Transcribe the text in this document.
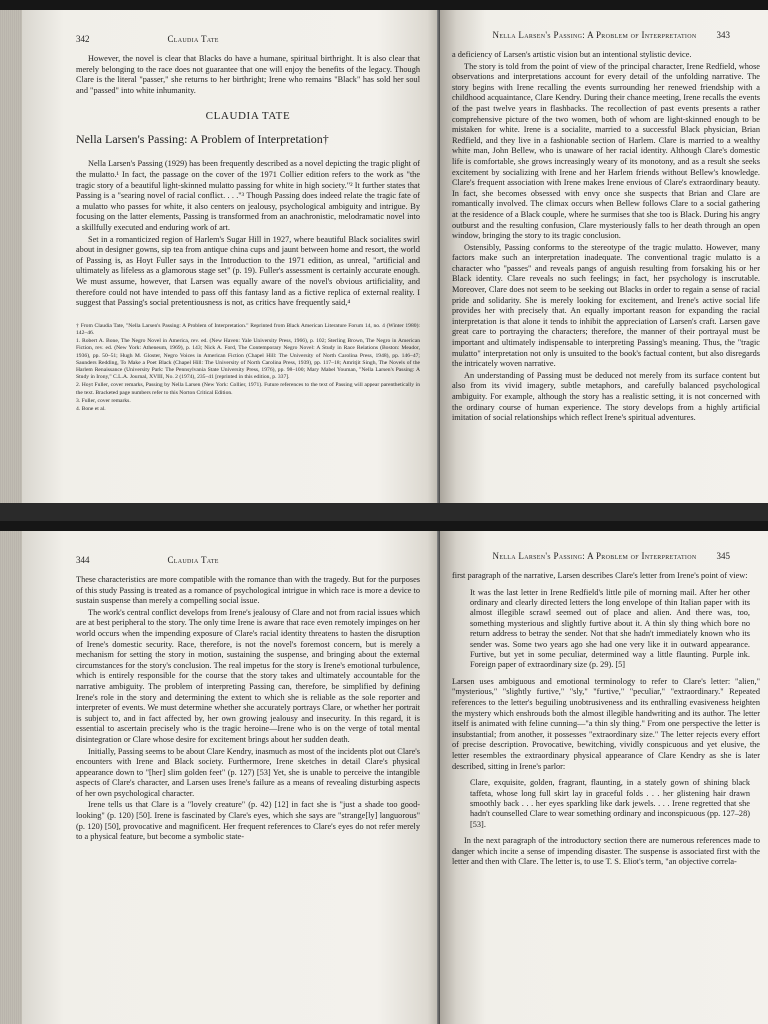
342	Claudia Tate

However, the novel is clear that Blacks do have a humane, spiritual birthright. It is also clear that merely belonging to the race does not guarantee that one will enjoy the benefits of the legacy. Though Clare is the literal "passer," she returns to her birthright; Irene who remains "Black" has sold her soul and "passed" into white inhumanity.

CLAUDIA TATE
Nella Larsen's Passing: A Problem of Interpretation†

Nella Larsen's Passing (1929) has been frequently described as a novel depicting the tragic plight of the mulatto.¹ In fact, the passage on the cover of the 1971 Collier edition refers to the work as "the tragic story of a beautiful light-skinned mulatto passing for white in high society."² It further states that Passing is a "searing novel of racial conflict. . . ."³ Though Passing does indeed relate the tragic fate of a mulatto who passes for white, it also centers on jealousy, psychological ambiguity and intrigue. By focusing on the latter elements, Passing is transformed from an anachronistic, melodramatic novel into a skillfully executed and enduring work of art.

Set in a romanticized region of Harlem's Sugar Hill in 1927, where beautiful Black socialites swirl about in designer gowns, sip tea from antique china cups and jaunt between home and resort, the world of Passing is, as Hoyt Fuller says in the Introduction to the 1971 edition, as unreal, "artificial and ultimately as lifeless as a glamorous stage set" (p. 19). Fuller's assessment is certainly accurate enough. We must assume, however, that Larsen was equally aware of the novel's obvious artificiality, and therefore could not have intended to pass off this fantasy land as a fictive replica of external reality. I suggest that Passing's social pretentiousness is not, as critics have frequently said,⁴

† From Claudia Tate, "Nella Larsen's Passing: A Problem of Interpretation." Reprinted from Black American Literature Forum 14, no. 4 (Winter 1980): 142–46.

1. Robert A. Bone, The Negro Novel in America, rev. ed. (New Haven: Yale University Press, 1966), p. 102; Sterling Brown, The Negro in American Fiction, rev. ed. (New York: Atheneum, 1969), p. 143; Nick A. Ford, The Contemporary Negro Novel: A Study in Race Relations (Boston: Meador, 1936), pp. 50–51; Hugh M. Gloster, Negro Voices in American Fiction (Chapel Hill: The University of North Carolina Press, 1948), pp. 146–47; Saunders Redding, To Make a Poet Black (Chapel Hill: The University of North Carolina Press, 1939), pp. 117–18; Amritjit Singh, The Novels of the Harlem Renaissance (University Park: The Pennsylvania State University Press, 1976), pp. 98–100; Mary Mabel Youman, "Nella Larsen's Passing: A Study in Irony," C.L.A. Journal, XVIII, No. 2 (1974), 235–41 [reprinted in this edition, p. 337].

2. Hoyt Fuller, cover remarks, Passing by Nella Larsen (New York: Collier, 1971). Future references to the text of Passing will appear parenthetically in the text. Bracketed page numbers refer to this Norton Critical Edition.

3. Fuller, cover remarks.

4. Bone et al.

Nella Larsen's Passing: A Problem of Interpretation 343

a deficiency of Larsen's artistic vision but an intentional stylistic device.

The story is told from the point of view of the principal character, Irene Redfield, whose observations and interpretations account for every detail of the unfolding narrative. The story begins with Irene recalling the events surrounding her renewed friendship with a childhood acquaintance, Clare Kendry. During their chance meeting, Irene recalls the events of the past twelve years in flashbacks. The recollection of past events presents a rather comprehensive picture of the two women, both of whom are light-skinned enough to be mistaken for white. Irene is a socialite, married to a successful Black physician, Brian Redfield, and they live in a fashionable section of Harlem. Clare is married to a wealthy white man, John Bellew, who is unaware of her racial identity. Although Clare's domestic life is comfortable, she grows increasingly weary of its monotony, and as a result she seeks excitement by socializing with Irene and her Harlem friends without Bellew's knowledge. Clare's frequent association with Irene makes Irene envious of Clare's extraordinary beauty. In fact, she becomes obsessed with envy once she suspects that Brian and Clare are romantically involved. The climax occurs when Bellew follows Clare to a social gathering at the residence of a Black couple, where he surmises that she too is Black. During his angry outburst and the resulting confusion, Clare mysteriously falls to her death through an open window, bringing the story to its tragic conclusion.

Ostensibly, Passing conforms to the stereotype of the tragic mulatto. However, many factors make such an interpretation inadequate. The conventional tragic mulatto is a character who "passes" and reveals pangs of anguish resulting from forsaking his or her Black identity. Clare reveals no such feelings; in fact, her psychology is inscrutable. Moreover, Clare does not seem to be seeking out Blacks in order to regain a sense of racial pride and solidarity. She is merely looking for excitement, and Irene's active social life provides her with precisely that. An equally important reason for expanding the racial interpretation is that alone it tends to inhibit the appreciation of Larsen's craft. Larsen gave great care to portraying the characters; therefore, the manner of their portrayal must be important and ultimately indispensable to interpreting Passing's meaning. Thus, the "tragic mulatto" interpretation not only is unsuited to the book's factual content, but also disregards the intricately woven narrative.

An understanding of Passing must be deduced not merely from its surface content but also from its vivid imagery, subtle metaphors, and carefully balanced psychological ambiguity. For example, although the story has a realistic setting, it is not concerned with the ordinary course of human experience. The story develops from a highly artificial imitation of social relationships which reflect Irene's spiritual adventures.

344	Claudia Tate

These characteristics are more compatible with the romance than with the tragedy. But for the purposes of this study Passing is treated as a romance of psychological intrigue in which race is more a device to sustain suspense than merely a compelling social issue.

The work's central conflict develops from Irene's jealousy of Clare and not from racial issues which are at best peripheral to the story. The only time Irene is aware that race even remotely impinges on her world occurs when the impending exposure of Clare's racial identity threatens to hasten the disruption of Irene's domestic security. Race, therefore, is not the novel's foremost concern, but is merely a mechanism for setting the story in motion, sustaining the suspense, and bringing about the external circumstances for the story's conclusion. The real impetus for the story is Irene's emotional turbulence, which is entirely responsible for the course that the story takes and ultimately accountable for the narrative ambiguity. The problem of interpreting Passing can, therefore, be simplified by defining Irene's role in the story and determining the extent to which she is reliable as the sole reporter and interpreter of events. We must determine whether she accurately portrays Clare, or whether her portrait is subject to, and in fact affected by, her own growing jealousy and insecurity. In this regard, it is essential to ascertain precisely who is the tragic heroine—Irene who is on the verge of total mental disintegration or Clare whose desire for excitement brings about her sudden death.

Initially, Passing seems to be about Clare Kendry, inasmuch as most of the incidents plot out Clare's encounters with Irene and Black society. Furthermore, Irene sketches in detail Clare's physical appearance down to "[her] slim golden feet" (p. 127) [53] Yet, she is unable to perceive the intangible aspects of Clare's character, and Larsen uses Irene's failure as a means of revealing disturbing aspects of her own psychological character.

Irene tells us that Clare is a "lovely creature" (p. 42) [12] in fact she is "just a shade too good-looking" (p. 120) [50]. Irene is fascinated by Clare's eyes, which she says are "strange[ly] languorous" (p. 120) [50], provocative and magnificent. Her frequent references to Clare's eyes do not refer merely to a physical feature, but become a symbolic state-

Nella Larsen's Passing: A Problem of Interpretation 345

first paragraph of the narrative, Larsen describes Clare's letter from Irene's point of view:

It was the last letter in Irene Redfield's little pile of morning mail. After her other ordinary and clearly directed letters the long envelope of thin Italian paper with its almost illegible scrawl seemed out of place and alien. And there was, too, something mysterious and slightly furtive about it. A thin sly thing which bore no return address to betray the sender. Not that she hadn't immediately known who its sender was. Some two years ago she had one very like it in outward appearance. Furtive, but yet in some peculiar, determined way a little flaunting. Purple ink. Foreign paper of extraordinary size (p. 29). [5]

Larsen uses ambiguous and emotional terminology to refer to Clare's letter: "alien," "mysterious," "slightly furtive," "sly," "furtive," "peculiar," "extraordinary." Repeated references to the letter's beguiling unobtrusiveness and its enthralling evasiveness heighten the mystery which enshrouds both the almost illegible handwriting and its author. The letter itself is animated with feline cunning—"a thin sly thing." From one perspective the letter is insubstantial; from another, it possesses "extraordinary size." The letter rejects every effort of precise description. Provocative, bewitching, vividly conspicuous and yet elusive, the letter resembles the extraordinary physical appearance of Clare Kendry as she is later described, sitting in Irene's parlor:

Clare, exquisite, golden, fragrant, flaunting, in a stately gown of shining black taffeta, whose long full skirt lay in graceful folds . . . her glistening hair drawn smoothly back . . . her eyes sparkling like dark jewels. . . . Irene regretted that she hadn't counselled Clare to wear something ordinary and inconspicuous (pp. 127–28) [53].

In the next paragraph of the introductory section there are numerous references made to danger which incite a sense of impending disaster. The suspense is associated first with the letter and then with Clare. The letter is, to use T. S. Eliot's term, "an objective correla-
